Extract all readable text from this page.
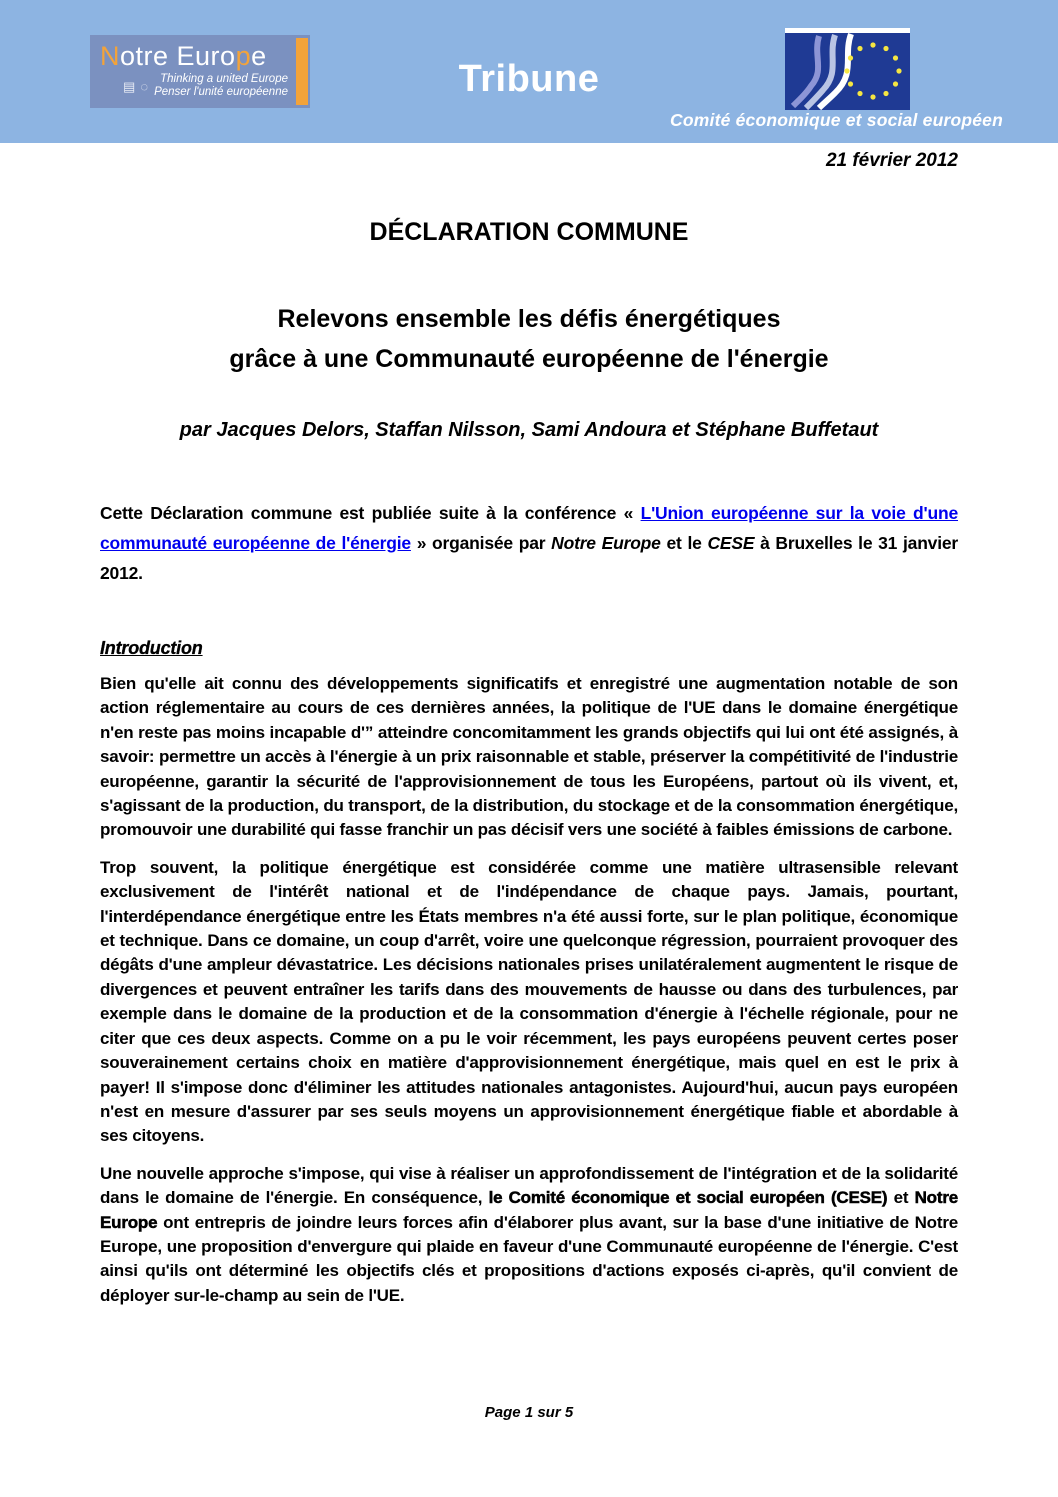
Notre Europe
▤ ◌	Thinking a united Europe
Penser l'unité européenne	Tribune
Comité économique et social européen
21 février 2012
DÉCLARATION COMMUNE
Relevons ensemble les défis énergétiques
grâce à une Communauté européenne de l'énergie
par Jacques Delors, Staffan Nilsson, Sami Andoura et Stéphane Buffetaut
Cette Déclaration commune est publiée suite à la conférence « L'Union européenne sur la voie d'une communauté européenne de l'énergie » organisée par Notre Europe et le CESE à Bruxelles le 31 janvier 2012.
Introduction

Bien qu'elle ait connu des développements significatifs et enregistré une augmentation notable de son action réglementaire au cours de ces dernières années, la politique de l'UE dans le domaine énergétique n'en reste pas moins incapable d'” atteindre concomitamment les grands objectifs qui lui ont été assignés, à savoir: permettre un accès à l'énergie à un prix raisonnable et stable, préserver la compétitivité de l'industrie européenne, garantir la sécurité de l'approvisionnement de tous les Européens, partout où ils vivent, et, s'agissant de la production, du transport, de la distribution, du stockage et de la consommation énergétique, promouvoir une durabilité qui fasse franchir un pas décisif vers une société à faibles émissions de carbone.

Trop souvent, la politique énergétique est considérée comme une matière ultrasensible relevant exclusivement de l'intérêt national et de l'indépendance de chaque pays. Jamais, pourtant, l'interdépendance énergétique entre les États membres n'a été aussi forte, sur le plan politique, économique et technique. Dans ce domaine, un coup d'arrêt, voire une quelconque régression, pourraient provoquer des dégâts d'une ampleur dévastatrice. Les décisions nationales prises unilatéralement augmentent le risque de divergences et peuvent entraîner les tarifs dans des mouvements de hausse ou dans des turbulences, par exemple dans le domaine de la production et de la consommation d'énergie à l'échelle régionale, pour ne citer que ces deux aspects. Comme on a pu le voir récemment, les pays européens peuvent certes poser souverainement certains choix en matière d'approvisionnement énergétique, mais quel en est le prix à payer! Il s'impose donc d'éliminer les attitudes nationales antagonistes. Aujourd'hui, aucun pays européen n'est en mesure d'assurer par ses seuls moyens un approvisionnement énergétique fiable et abordable à ses citoyens.

Une nouvelle approche s'impose, qui vise à réaliser un approfondissement de l'intégration et de la solidarité dans le domaine de l'énergie. En conséquence, le Comité économique et social européen (CESE) et Notre Europe ont entrepris de joindre leurs forces afin d'élaborer plus avant, sur la base d'une initiative de Notre Europe, une proposition d'envergure qui plaide en faveur d'une Communauté européenne de l'énergie. C'est ainsi qu'ils ont déterminé les objectifs clés et propositions d'actions exposés ci-après, qu'il convient de déployer sur-le-champ au sein de l'UE.

Page 1 sur 5
